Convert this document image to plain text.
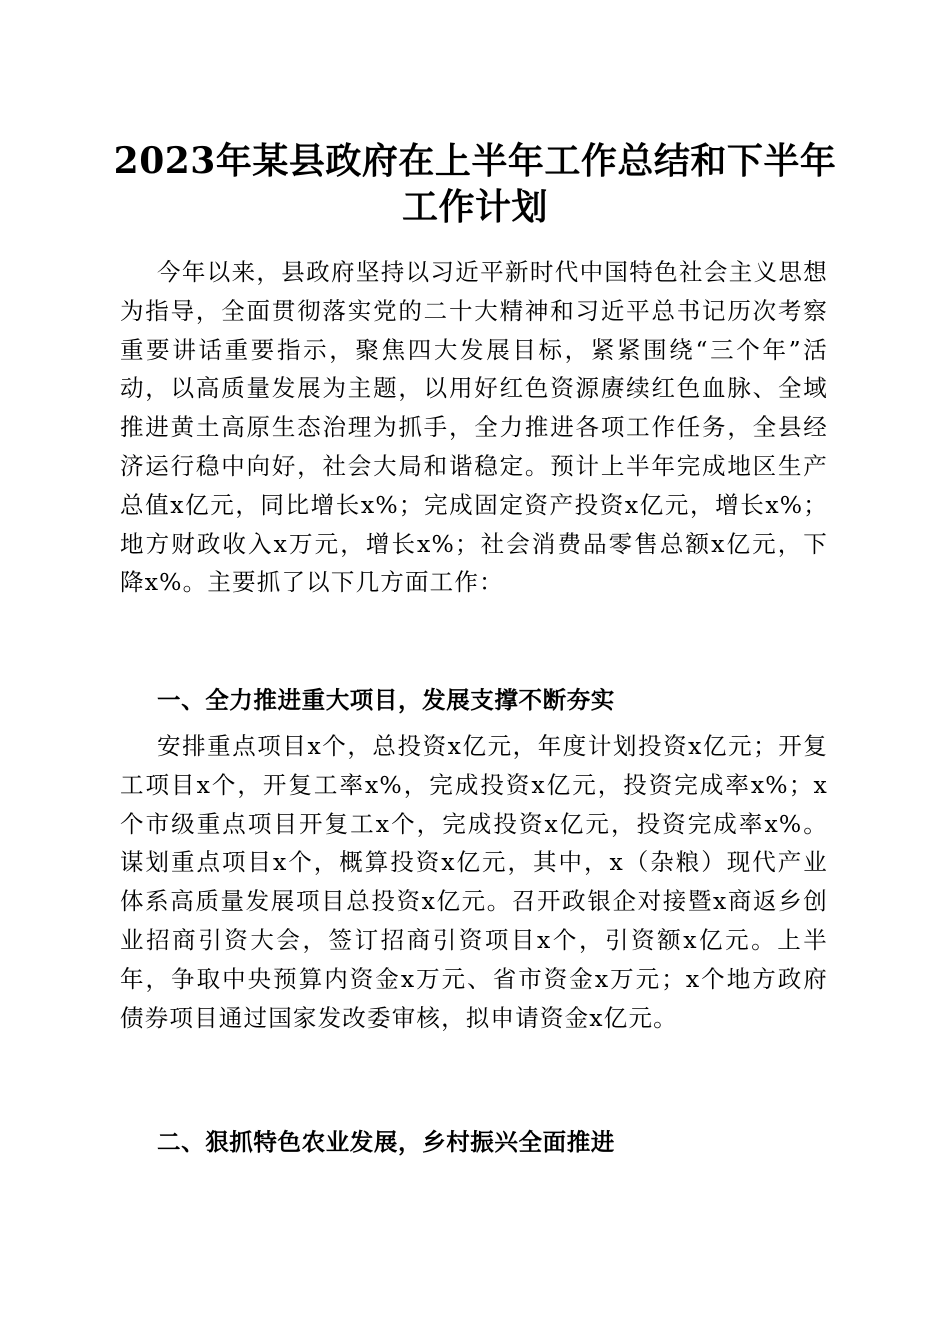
2023年某县政府在上半年工作总结和下半年
工作计划

今年以来，县政府坚持以习近平新时代中国特色社会主义思想为指导，全面贯彻落实党的二十大精神和习近平总书记历次考察重要讲话重要指示，聚焦四大发展目标，紧紧围绕“三个年”活动，以高质量发展为主题，以用好红色资源赓续红色血脉、全域推进黄土高原生态治理为抓手，全力推进各项工作任务，全县经济运行稳中向好，社会大局和谐稳定。预计上半年完成地区生产总值x亿元，同比增长x%；完成固定资产投资x亿元，增长x%；地方财政收入x万元，增长x%；社会消费品零售总额x亿元，下降x%。主要抓了以下几方面工作：

一、全力推进重大项目，发展支撑不断夯实

安排重点项目x个，总投资x亿元，年度计划投资x亿元；开复工项目x个，开复工率x%，完成投资x亿元，投资完成率x%；x个市级重点项目开复工x个，完成投资x亿元，投资完成率x%。谋划重点项目x个，概算投资x亿元，其中，x（杂粮）现代产业体系高质量发展项目总投资x亿元。召开政银企对接暨x商返乡创业招商引资大会，签订招商引资项目x个，引资额x亿元。上半年，争取中央预算内资金x万元、省市资金x万元；x个地方政府债券项目通过国家发改委审核，拟申请资金x亿元。

二、狠抓特色农业发展，乡村振兴全面推进
